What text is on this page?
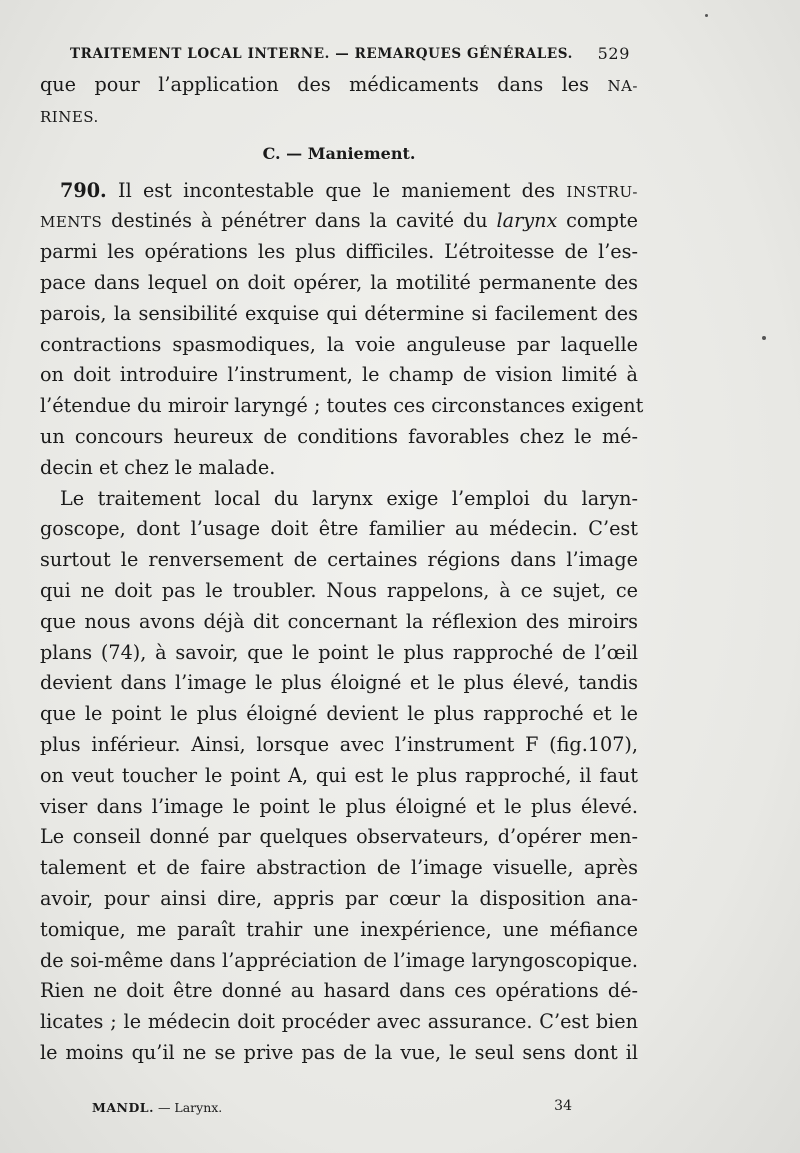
TRAITEMENT LOCAL INTERNE. — REMARQUES GÉNÉRALES. 529
que pour l’application des médicaments dans les NA-
RINES.
C. — Maniement.
790. Il est incontestable que le maniement des INSTRU-
MENTS destinés à pénétrer dans la cavité du larynx compte
parmi les opérations les plus difficiles. L’étroitesse de l’es-
pace dans lequel on doit opérer, la motilité permanente des
parois, la sensibilité exquise qui détermine si facilement des
contractions spasmodiques, la voie anguleuse par laquelle
on doit introduire l’instrument, le champ de vision limité à
l’étendue du miroir laryngé ; toutes ces circonstances exigent
un concours heureux de conditions favorables chez le mé-
decin et chez le malade.
Le traitement local du larynx exige l’emploi du laryn-
goscope, dont l’usage doit être familier au médecin. C’est
surtout le renversement de certaines régions dans l’image
qui ne doit pas le troubler. Nous rappelons, à ce sujet, ce
que nous avons déjà dit concernant la réflexion des miroirs
plans (74), à savoir, que le point le plus rapproché de l’œil
devient dans l’image le plus éloigné et le plus élevé, tandis
que le point le plus éloigné devient le plus rapproché et le
plus inférieur. Ainsi, lorsque avec l’instrument F (fig.107),
on veut toucher le point A, qui est le plus rapproché, il faut
viser dans l’image le point le plus éloigné et le plus élevé.
Le conseil donné par quelques observateurs, d’opérer men-
talement et de faire abstraction de l’image visuelle, après
avoir, pour ainsi dire, appris par cœur la disposition ana-
tomique, me paraît trahir une inexpérience, une méfiance
de soi-même dans l’appréciation de l’image laryngoscopique.
Rien ne doit être donné au hasard dans ces opérations dé-
licates ; le médecin doit procéder avec assurance. C’est bien
le moins qu’il ne se prive pas de la vue, le seul sens dont il
MANDL. — Larynx.	34
